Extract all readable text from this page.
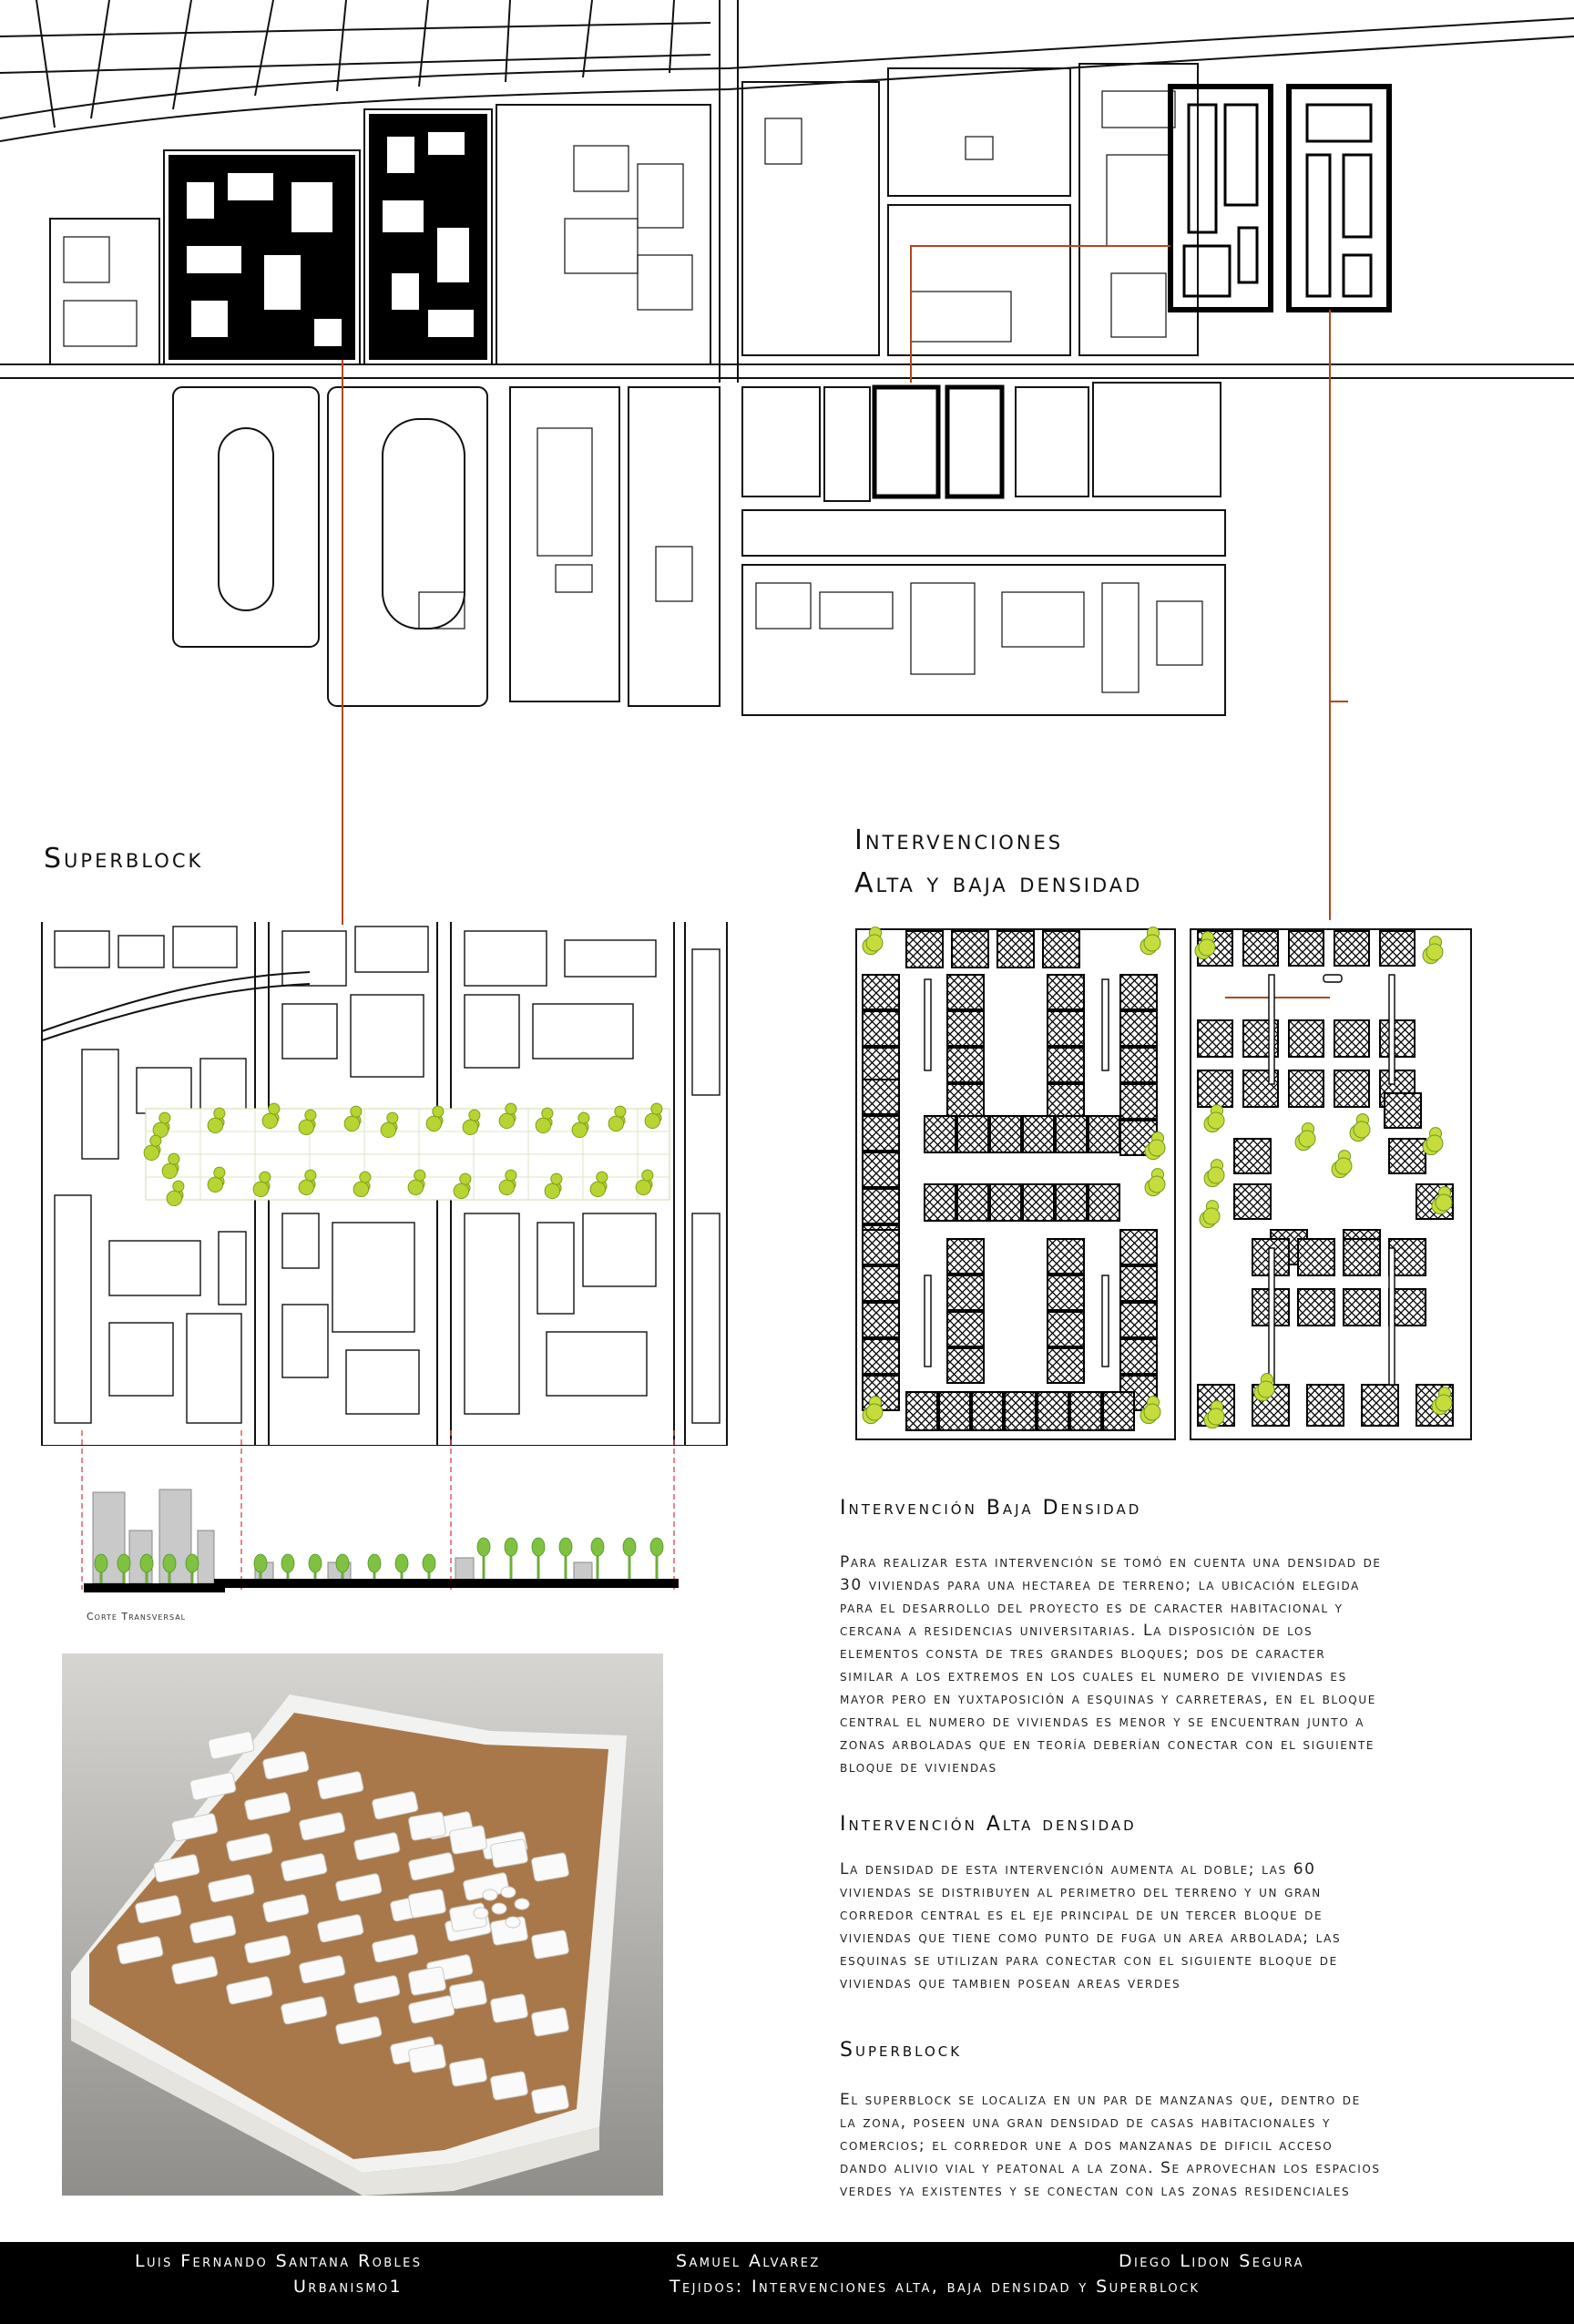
Superblock
Intervenciones
Alta y baja densidad
Corte Transversal
Intervención Baja Densidad
Para realizar esta intervención se tomó en cuenta una densidad de
30 viviendas para una hectarea de terreno; la ubicación elegida
para el desarrollo del proyecto es de caracter habitacional y
cercana a residencias universitarias. La disposición de los
elementos consta de tres grandes bloques; dos de caracter
similar a los extremos en los cuales el numero de viviendas es
mayor pero en yuxtaposición a esquinas y carreteras, en el bloque
central el numero de viviendas es menor y se encuentran junto a
zonas arboladas que en teoría deberían conectar con el siguiente
bloque de viviendas
Intervención Alta densidad
La densidad de esta intervención aumenta al doble; las 60
viviendas se distribuyen al perimetro del terreno y un gran
corredor central es el eje principal de un tercer bloque de
viviendas que tiene como punto de fuga un area arbolada; las
esquinas se utilizan para conectar con el siguiente bloque de
viviendas que tambien posean areas verdes
Superblock
El superblock se localiza en un par de manzanas que, dentro de
la zona, poseen una gran densidad de casas habitacionales y
comercios; el corredor une a dos manzanas de dificil acceso
dando alivio vial y peatonal a la zona. Se aprovechan los espacios
verdes ya existentes y se conectan con las zonas residenciales
Luis Fernando Santana Robles	Samuel Alvarez	Diego Lidon Segura
Urbanismo1	Tejidos: Intervenciones alta, baja densidad y Superblock
